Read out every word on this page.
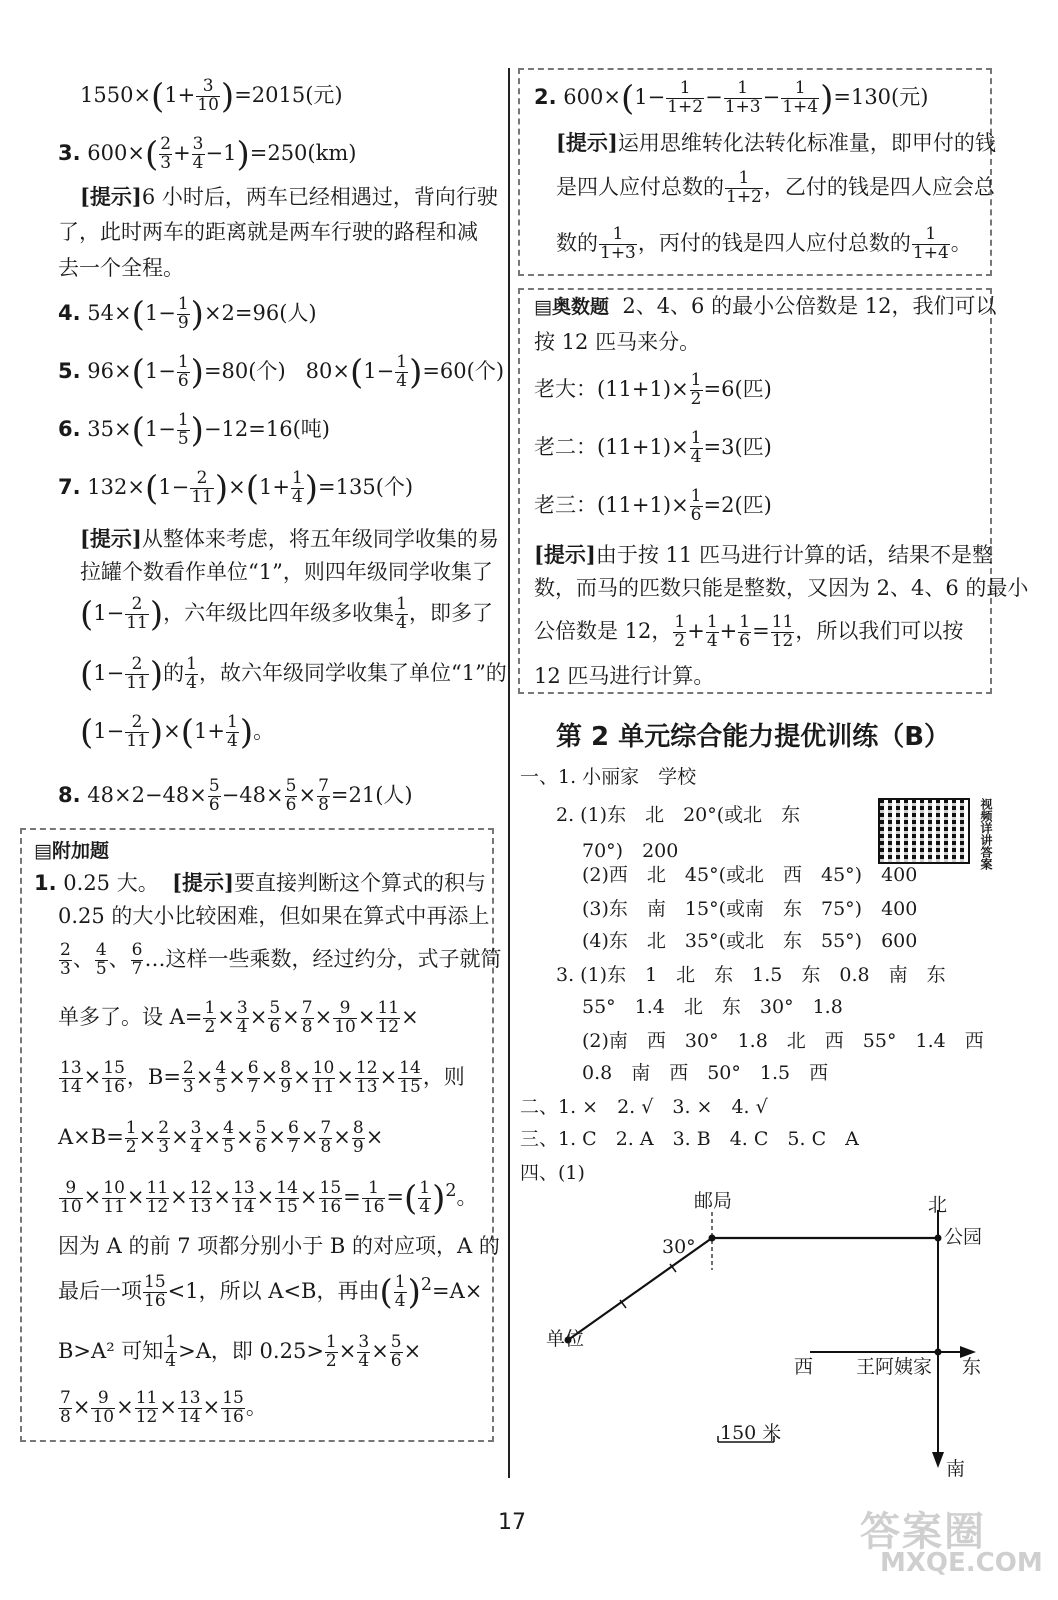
$1550\times(1+ \frac{3}{10} )=2015$(元)
3. $600\times( \frac{2}{3} + \frac{3}{4} -1)=250(km)$
[提示]6 小时后，两车已经相遇过，背向行驶
了，此时两车的距离就是两车行驶的路程和减
去一个全程。
4. $54\times(1- \frac{1}{9} )\times 2=96$(人)
5. $96\times(1- \frac{1}{6} )=80$(个) $80\times(1- \frac{1}{4} )=60$(个)
6. $35\times(1- \frac{1}{5} )-12=16$(吨)
7. $132\times(1- \frac{2}{11} )\times(1+ \frac{1}{4} )=135$(个)
[提示]从整体来考虑，将五年级同学收集的易
拉罐个数看作单位“1”，则四年级同学收集了
($1- \frac{2}{11}$ )，六年级比四年级多收集 $\frac{1}{4}$ ，即多了
($1- \frac{2}{11}$ )的 $\frac{1}{4}$ ，故六年级同学收集了单位“1”的
$(1- \frac{2}{11} )\times(1+ \frac{1}{4}$ )。
8. $48\times 2-48\times \frac{5}{6} -48\times \frac{5}{6} \times \frac{7}{8} =21$(人)
▤附加题
1. 0.25 大。 [提示]要直接判断这个算式的积与
0.25 的大小比较困难，但如果在算式中再添上
$\frac{2}{3}$ 、 $\frac{4}{5}$ 、 $\frac{6}{7}$ …这样一些乘数，经过约分，式子就简
单多了。设 $A= \frac{1}{2} \times \frac{3}{4} \times \frac{5}{6} \times \frac{7}{8} \times \frac{9}{10} \times \frac{11}{12}$ ×
$\frac{13}{14} \times \frac{15}{16}$ ，$B= \frac{2}{3} \times \frac{4}{5} \times \frac{6}{7} \times \frac{8}{9} \times \frac{10}{11} \times \frac{12}{13} \times \frac{14}{15}$ ，则
$A\times B= \frac{1}{2} \times \frac{2}{3} \times \frac{3}{4} \times \frac{4}{5} \times \frac{5}{6} \times \frac{6}{7} \times \frac{7}{8} \times \frac{8}{9}$ ×
$\frac{9}{10} \times \frac{10}{11} \times \frac{11}{12} \times \frac{12}{13} \times \frac{13}{14} \times \frac{14}{15} \times \frac{15}{16} = \frac{1}{16}$ =( $\frac{1}{4} )^2$。
因为 A 的前 7 项都分别小于 B 的对应项，A 的
最后一项 $\frac{15}{16} <1$，所以 A<B，再由( $\frac{1}{4} )^2=A\times$
B>A² 可知 $\frac{1}{4} >A$，即 $0.25> \frac{1}{2} \times \frac{3}{4} \times \frac{5}{6}$ ×
$\frac{7}{8} \times \frac{9}{10} \times \frac{11}{12} \times \frac{13}{14} \times \frac{15}{16}$ 。
2. $600\times(1- \frac{1}{1+2} - \frac{1}{1+3} - \frac{1}{1+4} )=130$(元)
[提示]运用思维转化法转化标准量，即甲付的钱
是四人应付总数的 $\frac{1}{1+2}$ ，乙付的钱是四人应会总
数的 $\frac{1}{1+3}$ ，丙付的钱是四人应付总数的 $\frac{1}{1+4}$ 。
▤奥数题 2、4、6 的最小公倍数是 12，我们可以
按 12 匹马来分。
老大：$(11+1)\times \frac{1}{2} =6$(匹)
老二：$(11+1)\times \frac{1}{4} =3$(匹)
老三：$(11+1)\times \frac{1}{6} =2$(匹)
[提示]由于按 11 匹马进行计算的话，结果不是整
数，而马的匹数只能是整数，又因为 2、4、6 的最小
公倍数是 12， $\frac{1}{2} + \frac{1}{4} + \frac{1}{6} = \frac{11}{12}$ ，所以我们可以按
12 匹马进行计算。
第 2 单元综合能力提优训练（B）
视频详讲答案
一、1. 小丽家　学校
2. (1)东　北　20°(或北　东
70°)　200
(2)西　北　45°(或北　西　45°)　400
(3)东　南　15°(或南　东　75°)　400
(4)东　北　35°(或北　东　55°)　600
3. (1)东　1　北　东　1.5　东　0.8　南　东
55°　1.4　北　东　30°　1.8
(2)南　西　30°　1.8　北　西　55°　1.4　西
0.8　南　西　50°　1.5　西
二、1. ×　2. √　3. ×　4. √
三、1. C　2. A　3. B　4. C　5. C　A
四、(1)
邮局	北
公园
30°
单位
西 王阿姨家 东
南
150 米
17	答案圈
MXQE.COM
